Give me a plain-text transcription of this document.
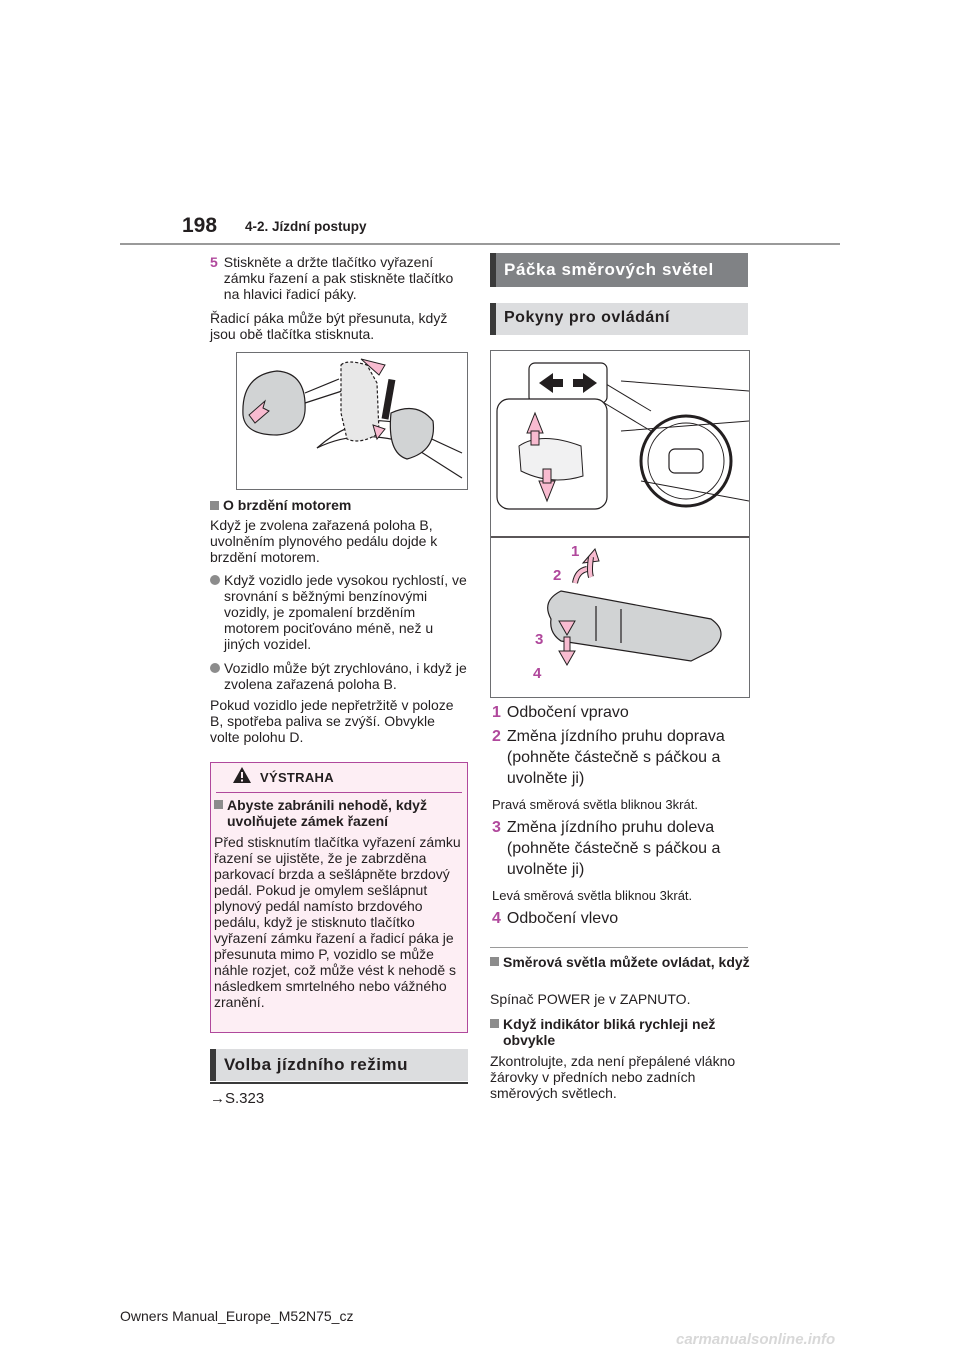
198 4-2. Jízdní postupy
5 Stiskněte a držte tlačítko vyřazení zámku řazení a pak stiskněte tlačítko na hlavici řadicí páky.

Řadicí páka může být přesunuta, když jsou obě tlačítka stisknuta.

O brzdění motorem

Když je zvolena zařazená poloha B, uvolněním plynového pedálu dojde k brzdění motorem.

Když vozidlo jede vysokou rychlostí, ve srovnání s běžnými benzínovými vozidly, je zpomalení brzděním motorem pociťováno méně, než u jiných vozidel.
Vozidlo může být zrychlováno, i když je zvolena zařazená poloha B.

Pokud vozidlo jede nepřetržitě v poloze B, spotřeba paliva se zvýší. Obvykle volte polohu D.

VÝSTRAHA
Abyste zabránili nehodě, když uvolňujete zámek řazení

Před stisknutím tlačítka vyřazení zámku řazení se ujistěte, že je zabrzděna parkovací brzda a sešlápněte brzdový pedál. Pokud je omylem sešlápnut plynový pedál namísto brzdového pedálu, když je stisknuto tlačítko vyřazení zámku řazení a řadicí páka je přesunuta mimo P, vozidlo se může náhle rozjet, což může vést k nehodě s následkem smrtelného nebo vážného zranění.

Volba jízdního režimu
→S.323
Páčka směrových světel
Pokyny pro ovládání
1
2
3
4
1 Odbočení vpravo
2 Změna jízdního pruhu doprava (pohněte částečně s páčkou a uvolněte ji)
Pravá směrová světla bliknou 3krát.
3 Změna jízdního pruhu doleva (pohněte částečně s páčkou a uvolněte ji)
Levá směrová světla bliknou 3krát.
4 Odbočení vlevo
Směrová světla můžete ovládat, když

Spínač POWER je v ZAPNUTO.

Když indikátor bliká rychleji než obvykle

Zkontrolujte, zda není přepálené vlákno žárovky v předních nebo zadních směrových světlech.

Owners Manual_Europe_M52N75_cz
carmanualsonline.info
